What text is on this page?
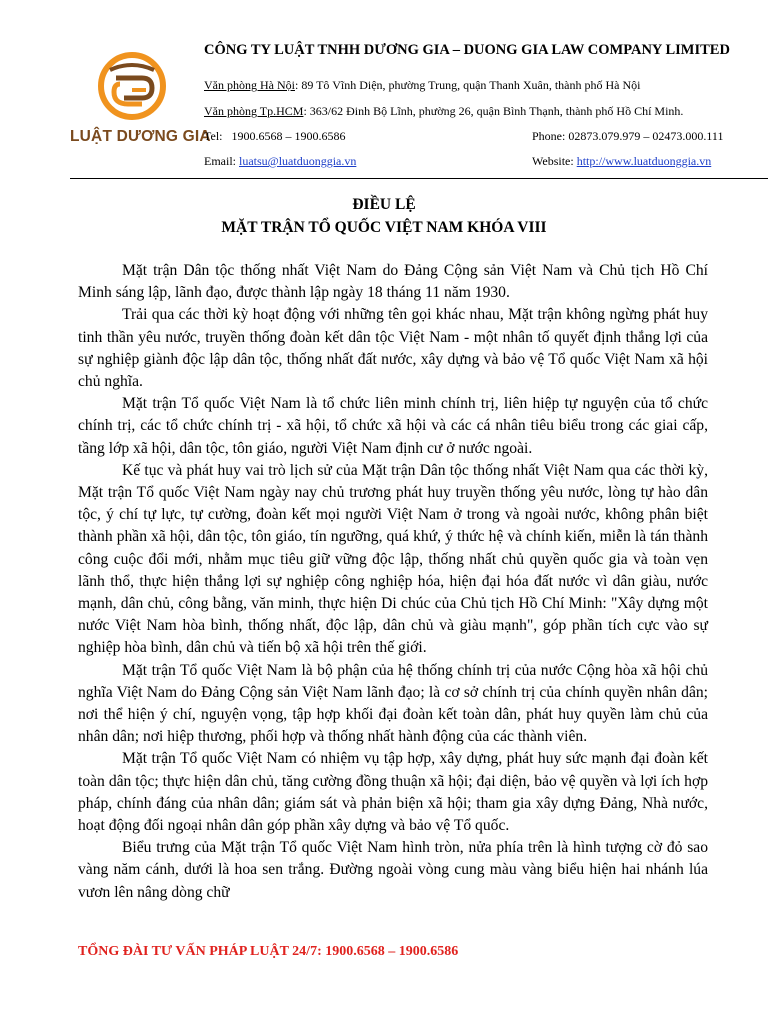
LUẬT DƯƠNG GIA
CÔNG TY LUẬT TNHH DƯƠNG GIA – DUONG GIA LAW COMPANY LIMITED
Văn phòng Hà Nội: 89 Tô Vĩnh Diện, phường Trung, quận Thanh Xuân, thành phố Hà Nội
Văn phòng Tp.HCM: 363/62 Đinh Bộ Lĩnh, phường 26, quận Bình Thạnh, thành phố Hồ Chí Minh.
Tel:   1900.6568 – 1900.6586	Phone: 02873.079.979 – 02473.000.111
Email: luatsu@luatduonggia.vn	Website: http://www.luatduonggia.vn
ĐIỀU LỆ
MẶT TRẬN TỔ QUỐC VIỆT NAM KHÓA VIII

Mặt trận Dân tộc thống nhất Việt Nam do Đảng Cộng sản Việt Nam và Chủ tịch Hồ Chí Minh sáng lập, lãnh đạo, được thành lập ngày 18 tháng 11 năm 1930.

Trải qua các thời kỳ hoạt động với những tên gọi khác nhau, Mặt trận không ngừng phát huy tinh thần yêu nước, truyền thống đoàn kết dân tộc Việt Nam - một nhân tố quyết định thắng lợi của sự nghiệp giành độc lập dân tộc, thống nhất đất nước, xây dựng và bảo vệ Tổ quốc Việt Nam xã hội chủ nghĩa.

Mặt trận Tổ quốc Việt Nam là tổ chức liên minh chính trị, liên hiệp tự nguyện của tổ chức chính trị, các tổ chức chính trị - xã hội, tổ chức xã hội và các cá nhân tiêu biểu trong các giai cấp, tầng lớp xã hội, dân tộc, tôn giáo, người Việt Nam định cư ở nước ngoài.

Kế tục và phát huy vai trò lịch sử của Mặt trận Dân tộc thống nhất Việt Nam qua các thời kỳ, Mặt trận Tổ quốc Việt Nam ngày nay chủ trương phát huy truyền thống yêu nước, lòng tự hào dân tộc, ý chí tự lực, tự cường, đoàn kết mọi người Việt Nam ở trong và ngoài nước, không phân biệt thành phần xã hội, dân tộc, tôn giáo, tín ngưỡng, quá khứ, ý thức hệ và chính kiến, miễn là tán thành công cuộc đổi mới, nhằm mục tiêu giữ vững độc lập, thống nhất chủ quyền quốc gia và toàn vẹn lãnh thổ, thực hiện thắng lợi sự nghiệp công nghiệp hóa, hiện đại hóa đất nước vì dân giàu, nước mạnh, dân chủ, công bằng, văn minh, thực hiện Di chúc của Chủ tịch Hồ Chí Minh: "Xây dựng một nước Việt Nam hòa bình, thống nhất, độc lập, dân chủ và giàu mạnh", góp phần tích cực vào sự nghiệp hòa bình, dân chủ và tiến bộ xã hội trên thế giới.

Mặt trận Tổ quốc Việt Nam là bộ phận của hệ thống chính trị của nước Cộng hòa xã hội chủ nghĩa Việt Nam do Đảng Cộng sản Việt Nam lãnh đạo; là cơ sở chính trị của chính quyền nhân dân; nơi thể hiện ý chí, nguyện vọng, tập hợp khối đại đoàn kết toàn dân, phát huy quyền làm chủ của nhân dân; nơi hiệp thương, phối hợp và thống nhất hành động của các thành viên.

Mặt trận Tổ quốc Việt Nam có nhiệm vụ tập hợp, xây dựng, phát huy sức mạnh đại đoàn kết toàn dân tộc; thực hiện dân chủ, tăng cường đồng thuận xã hội; đại diện, bảo vệ quyền và lợi ích hợp pháp, chính đáng của nhân dân; giám sát và phản biện xã hội; tham gia xây dựng Đảng, Nhà nước, hoạt động đối ngoại nhân dân góp phần xây dựng và bảo vệ Tổ quốc.

Biểu trưng của Mặt trận Tổ quốc Việt Nam hình tròn, nửa phía trên là hình tượng cờ đỏ sao vàng năm cánh, dưới là hoa sen trắng. Đường ngoài vòng cung màu vàng biểu hiện hai nhánh lúa vươn lên nâng dòng chữ

TỔNG ĐÀI TƯ VẤN PHÁP LUẬT 24/7: 1900.6568 – 1900.6586
